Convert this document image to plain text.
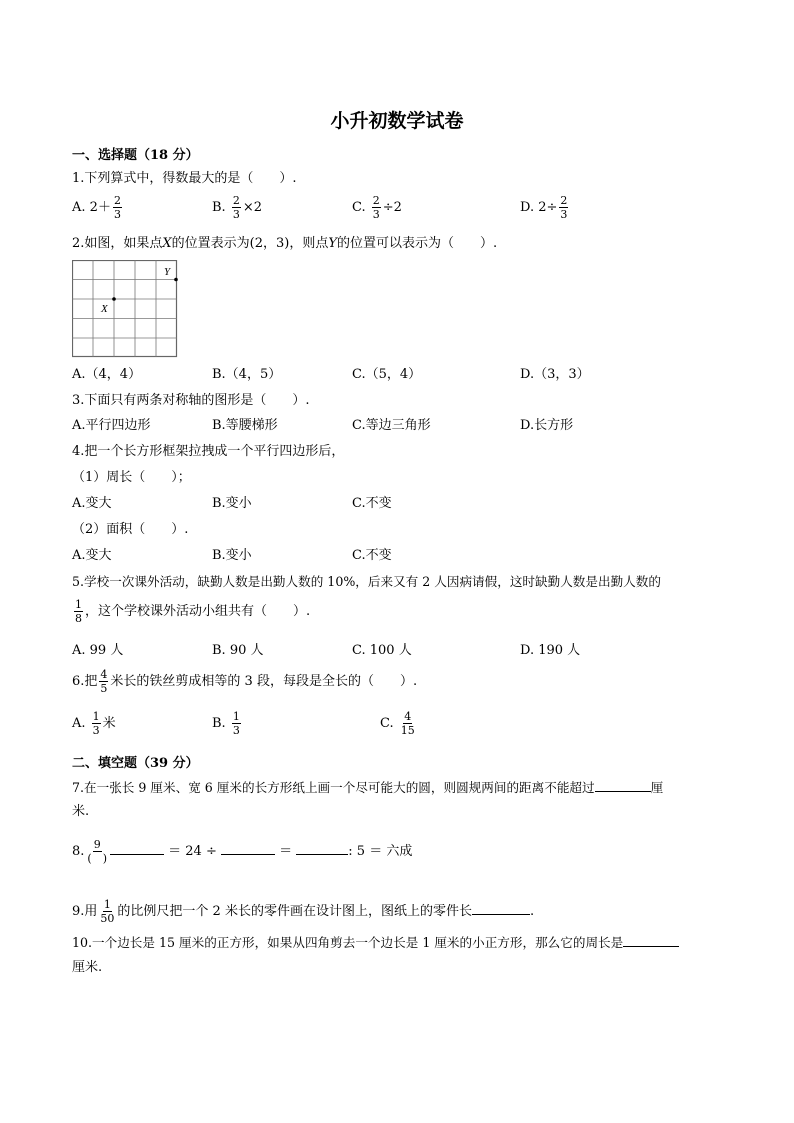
小升初数学试卷
一、选择题（18 分）
1.下列算式中，得数最大的是（　　）.
A. $2+ \frac{2}{3}$	B. $\frac{2}{3} \times 2$	C. $\frac{2}{3} \div 2$	D. $2\div \frac{2}{3}$
2.如图，如果点X的位置表示为(2，3)，则点Y的位置可以表示为（　　）.
X
Y
A.（4，4）	B.（4，5）	C.（5，4）	D.（3，3）
3.下面只有两条对称轴的图形是（　　）.
A.平行四边形	B.等腰梯形	C.等边三角形	D.长方形
4.把一个长方形框架拉拽成一个平行四边形后，
（1）周长（　　）；
A.变大	B.变小	C.不变
（2）面积（　　）.
A.变大	B.变小	C.不变
5.学校一次课外活动，缺勤人数是出勤人数的 10%，后来又有 2 人因病请假，这时缺勤人数是出勤人数的
$\frac{1}{8}$ ，这个学校课外活动小组共有（　　）.
A. 99 人	B. 90 人	C. 100 人	D. 190 人
6.把 $\frac{4}{5}$ 米长的铁丝剪成相等的 3 段，每段是全长的（　　）.
A. $\frac{1}{3}$ 米	B. $\frac{1}{3}$	C. $\frac{4}{15}$
二、填空题（39 分）
7.在一张长 9 厘米、宽 6 厘米的长方形纸上画一个尽可能大的圆，则圆规两间的距离不能超过	厘
米.
8. $\frac{9}{( )}$	＝ 24 ÷	＝	: 5 ＝ 六成
9.用 $\frac{1}{50}$ 的比例尺把一个 2 米长的零件画在设计图上，图纸上的零件长	.
10.一个边长是 15 厘米的正方形，如果从四角剪去一个边长是 1 厘米的小正方形，那么它的周长是
厘米.
